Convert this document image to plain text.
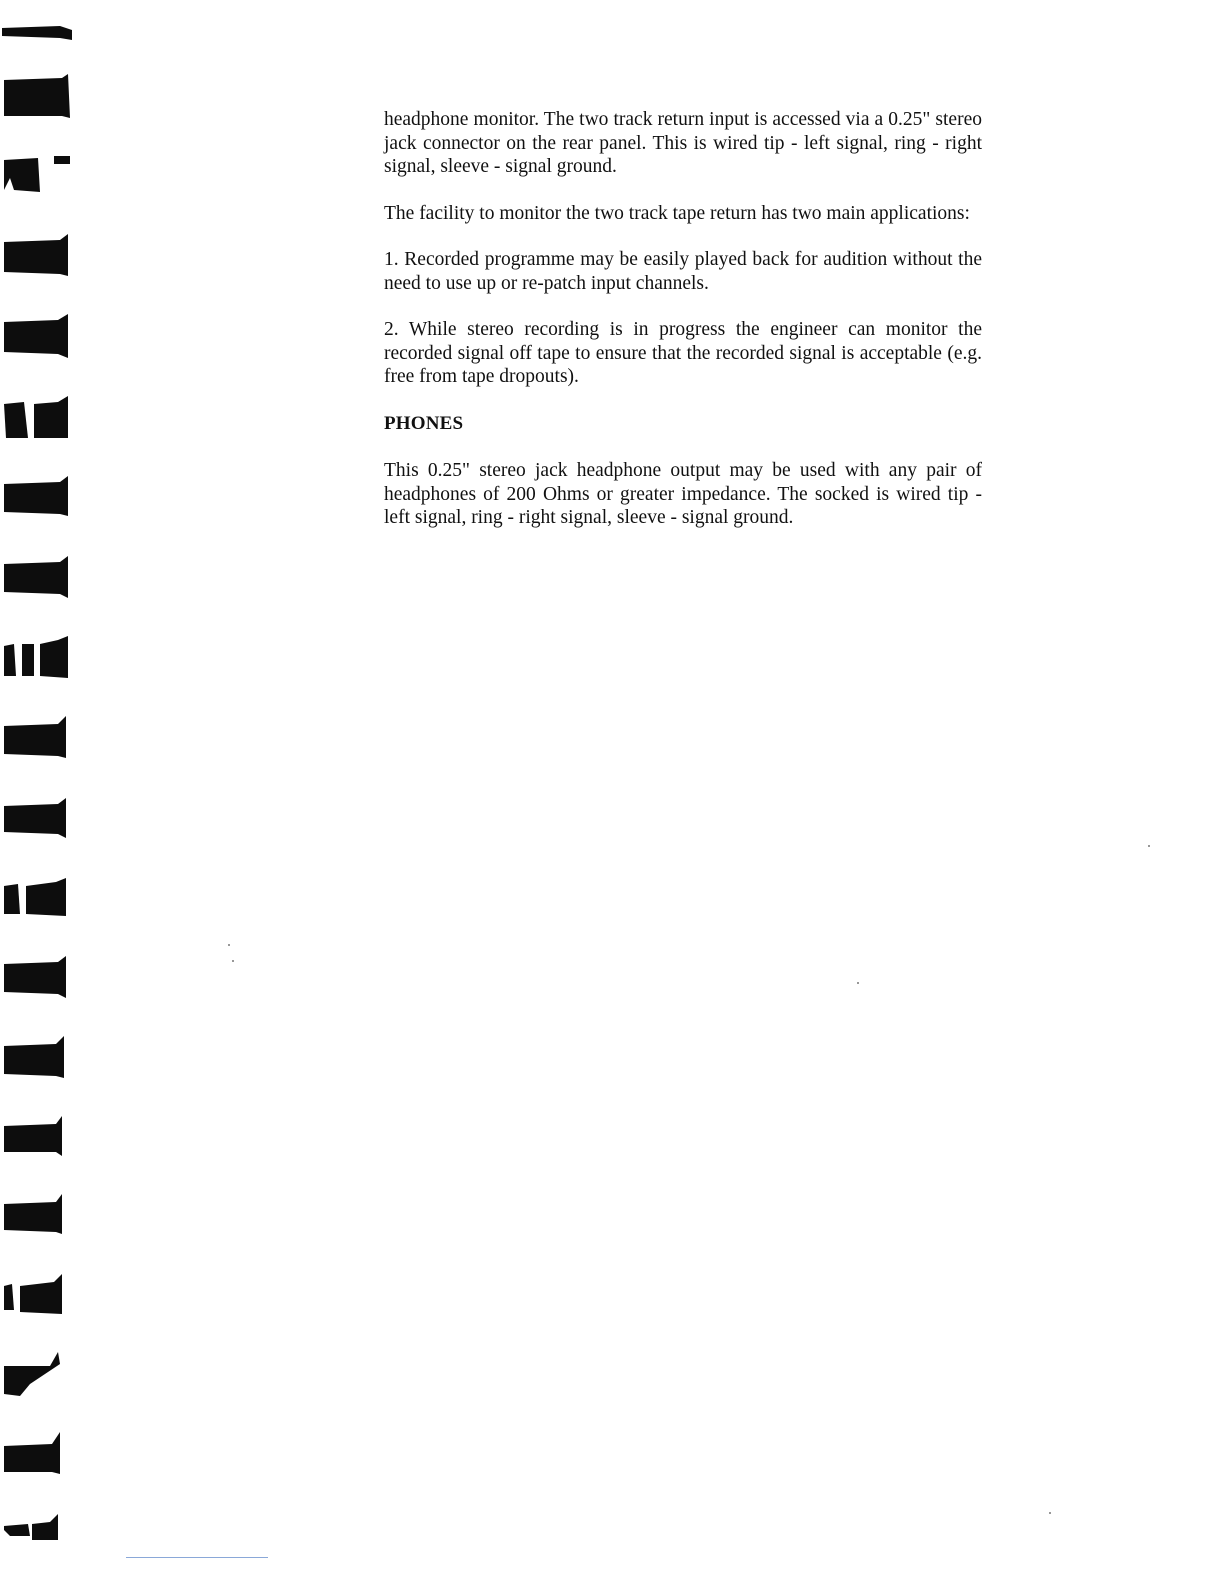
headphone monitor. The two track return input is accessed via a 0.25" stereo jack connector on the rear panel. This is wired tip - left signal, ring - right signal, sleeve - signal ground.

The facility to monitor the two track tape return has two main applications:

1. Recorded programme may be easily played back for audition without the need to use up or re-patch input channels.

2. While stereo recording is in progress the engineer can monitor the recorded signal off tape to ensure that the recorded signal is acceptable (e.g. free from tape dropouts).

PHONES

This 0.25" stereo jack headphone output may be used with any pair of headphones of 200 Ohms or greater impedance. The socked is wired tip - left signal, ring - right signal, sleeve - signal ground.
